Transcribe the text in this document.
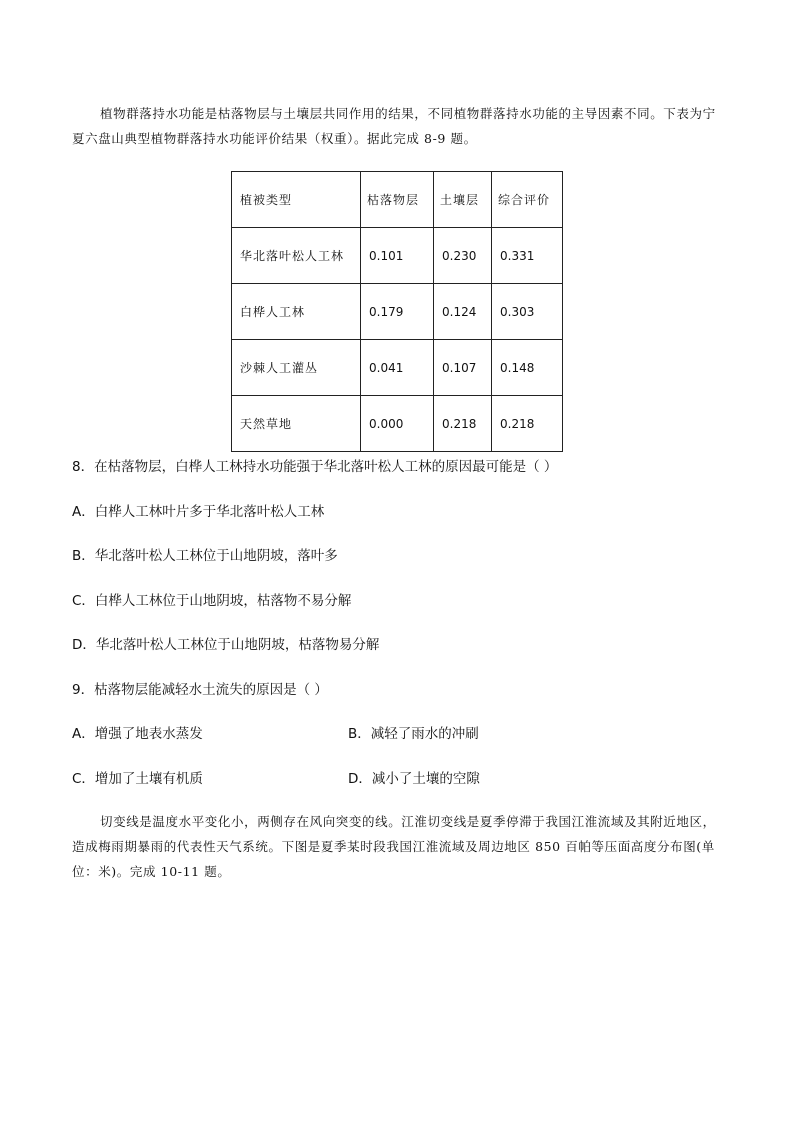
植物群落持水功能是枯落物层与土壤层共同作用的结果，不同植物群落持水功能的主导因素不同。下表为宁夏六盘山典型植物群落持水功能评价结果（权重）。据此完成 8-9 题。
植被类型	枯落物层	土壤层	综合评价
华北落叶松人工林	0.101	0.230	0.331
白桦人工林	0.179	0.124	0.303
沙棘人工灌丛	0.041	0.107	0.148
天然草地	0.000	0.218	0.218
8．在枯落物层，白桦人工林持水功能强于华北落叶松人工林的原因最可能是（ ）
A．白桦人工林叶片多于华北落叶松人工林
B．华北落叶松人工林位于山地阴坡，落叶多
C．白桦人工林位于山地阴坡，枯落物不易分解
D．华北落叶松人工林位于山地阴坡，枯落物易分解
9．枯落物层能减轻水土流失的原因是（ ）
A．增强了地表水蒸发	B．减轻了雨水的冲刷
C．增加了土壤有机质	D．减小了土壤的空隙
切变线是温度水平变化小，两侧存在风向突变的线。江淮切变线是夏季停滞于我国江淮流域及其附近地区，造成梅雨期暴雨的代表性天气系统。下图是夏季某时段我国江淮流域及周边地区 850 百帕等压面高度分布图(单位：米)。完成 10-11 题。
